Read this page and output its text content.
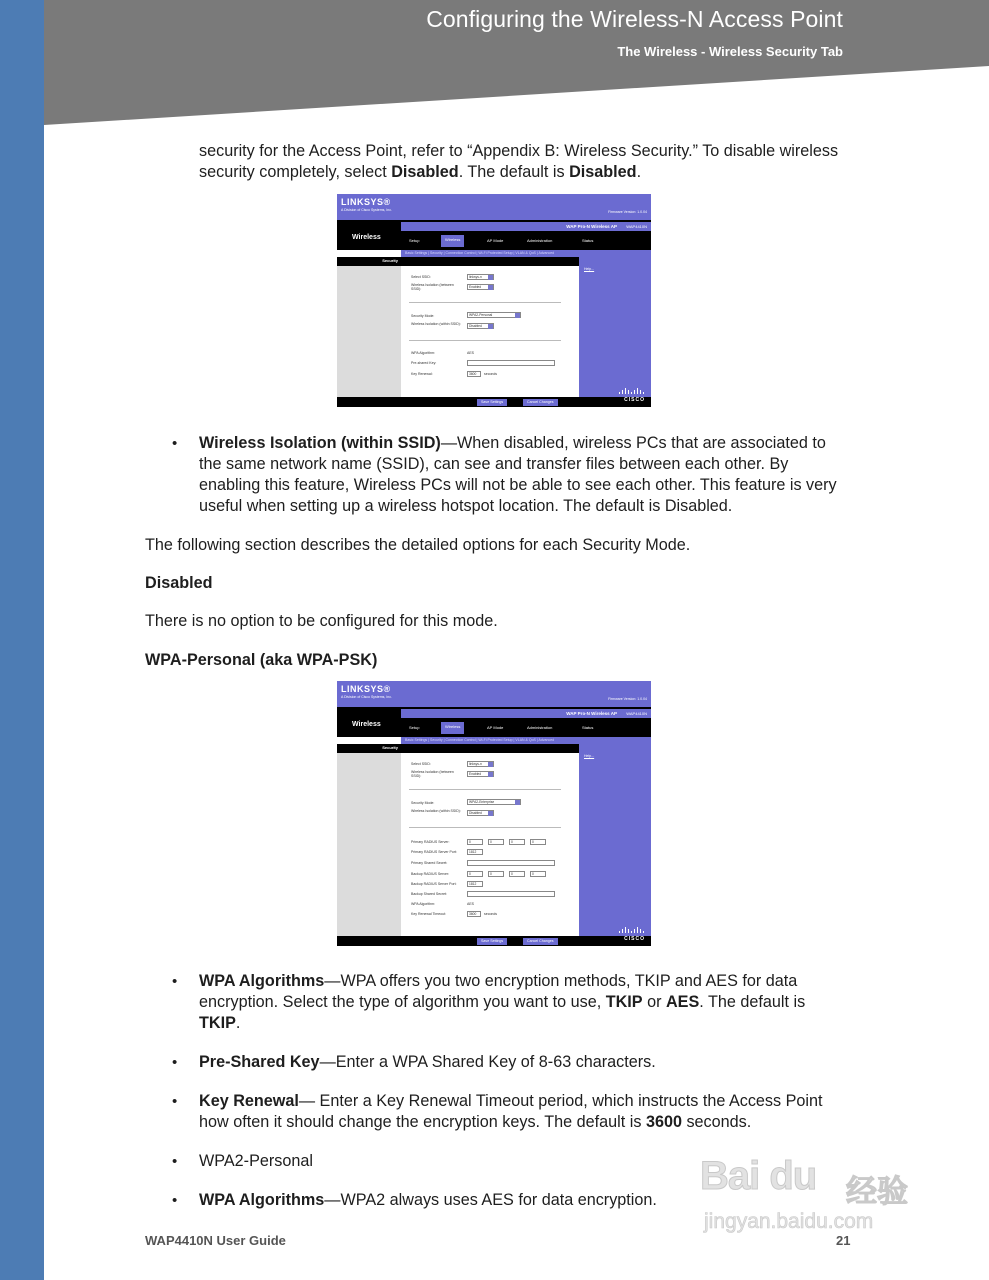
Configuring the Wireless-N Access Point
The Wireless - Wireless Security Tab
security for the Access Point, refer to “Appendix B: Wireless Security.” To disable wireless security completely, select Disabled. The default is Disabled.
LINKSYS®
A Division of Cisco Systems, Inc.	Firmware Version: 1.0.04
WAP Pro-N Wireless AP WAP4410N
Wireless	Setup	Wireless	AP Mode	Administration	Status
Basic Settings | Security | Connection Control | Wi-Fi Protected Setup | VLAN & QoS | Advanced
Security
Help...
Select SSID:	linksys-n
Wireless Isolation (between SSID):	Enabled
Security Mode:	WPA2-Personal
Wireless Isolation (within SSID):	Disabled
WPA Algorithm:	AES
Pre-shared Key:
Key Renewal:	3600	seconds
Save Settings	Cancel Changes	CISCO
• Wireless Isolation (within SSID)—When disabled, wireless PCs that are associated to the same network name (SSID), can see and transfer files between each other. By enabling this feature, Wireless PCs will not be able to see each other. This feature is very useful when setting up a wireless hotspot location. The default is Disabled.
The following section describes the detailed options for each Security Mode.
Disabled
There is no option to be configured for this mode.
WPA-Personal (aka WPA-PSK)
LINKSYS®
A Division of Cisco Systems, Inc.	Firmware Version: 1.0.04
WAP Pro-N Wireless AP WAP4410N
Wireless	Setup	Wireless	AP Mode	Administration	Status
Basic Settings | Security | Connection Control | Wi-Fi Protected Setup | VLAN & QoS | Advanced
Security
Help...
Select SSID:	linksys-n
Wireless Isolation (between SSID):	Enabled
Security Mode:	WPA2-Enterprise
Wireless Isolation (within SSID):	Disabled
Primary RADIUS Server:	0	0	0	0
Primary RADIUS Server Port:	1812
Primary Shared Secret:
Backup RADIUS Server:	0	0	0	0
Backup RADIUS Server Port:	1812
Backup Shared Secret:
WPA Algorithm:	AES
Key Renewal Timeout:	3600	seconds
Save Settings	Cancel Changes	CISCO
• WPA Algorithms—WPA offers you two encryption methods, TKIP and AES for data encryption. Select the type of algorithm you want to use, TKIP or AES. The default is TKIP.
• Pre-Shared Key—Enter a WPA Shared Key of 8-63 characters.
• Key Renewal— Enter a Key Renewal Timeout period, which instructs the Access Point how often it should change the encryption keys. The default is 3600 seconds.
• WPA2-Personal
• WPA Algorithms—WPA2 always uses AES for data encryption.
Bai du 经验
jingyan.baidu.com
WAP4410N User Guide	21
